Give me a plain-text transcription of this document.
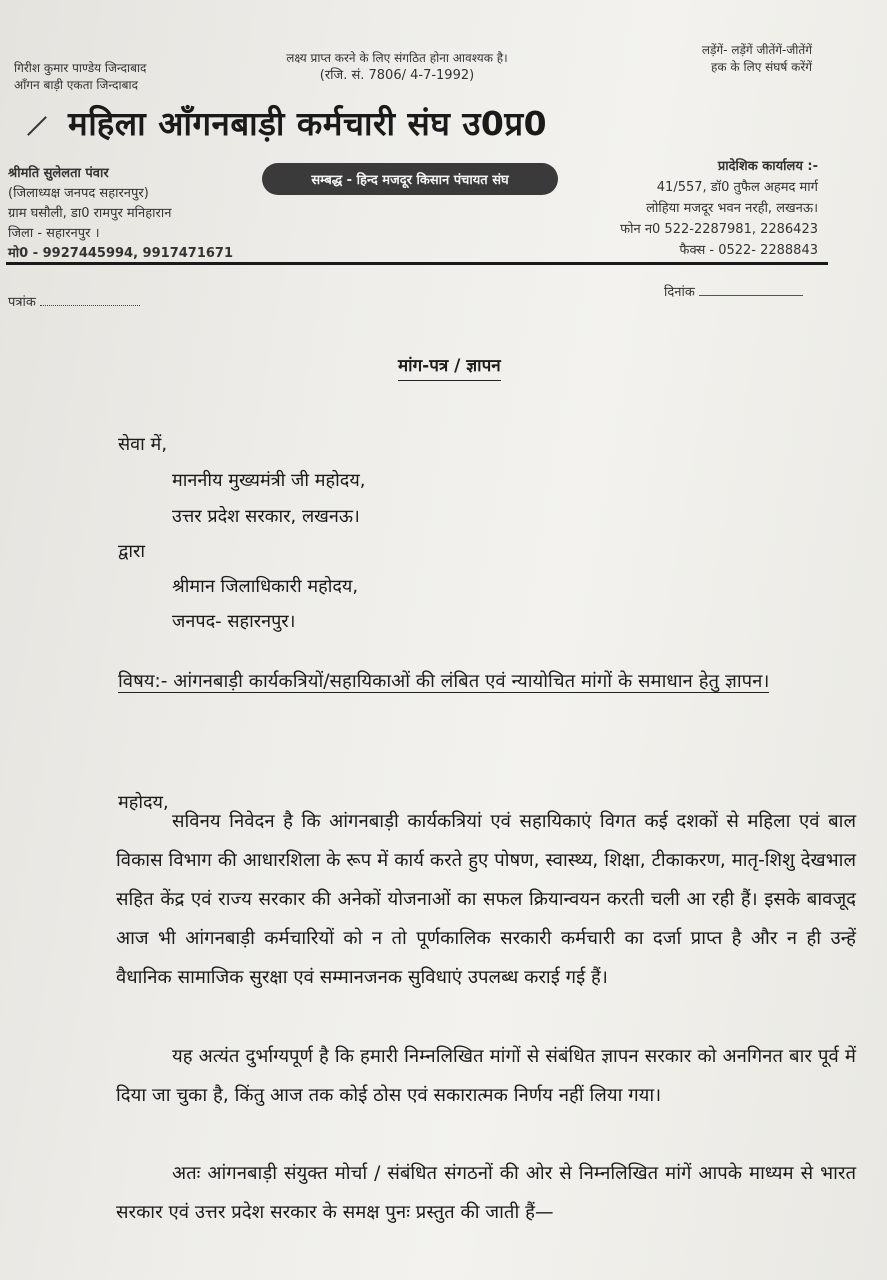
गिरीश कुमार पाण्डेय जिन्दाबाद
आँगन बाड़ी एकता जिन्दाबाद
लक्ष्य प्राप्त करने के लिए संगठित होना आवश्यक है।
(रजि. सं. 7806/ 4-7-1992)
लड़ेंगें- लड़ेंगें जीतेंगें-जीतेंगें
हक के लिए संघर्ष करेंगें
महिला आँगनबाड़ी कर्मचारी संघ उ0प्र0
श्रीमति सुलेलता पंवार
(जिलाध्यक्ष जनपद सहारनपुर)
ग्राम घसौली, डा0 रामपुर मनिहारान
जिला - सहारनपुर ।
मो0 - 9927445994, 9917471671
सम्बद्ध - हिन्द मजदूर किसान पंचायत संघ
प्रादेशिक कार्यालय :-
41/557, डॉ0 तुफैल अहमद मार्ग
लोहिया मजदूर भवन नरही, लखनऊ।
फोन न0 522-2287981, 2286423
फैक्स - 0522- 2288843
पत्रांक
दिनांक
मांग-पत्र / ज्ञापन
सेवा में,
माननीय मुख्यमंत्री जी महोदय,
उत्तर प्रदेश सरकार, लखनऊ।
द्वारा
श्रीमान जिलाधिकारी महोदय,
जनपद- सहारनपुर।
विषय:- आंगनबाड़ी कार्यकत्रियों/सहायिकाओं की लंबित एवं न्यायोचित मांगों के समाधान हेतु ज्ञापन।
महोदय,
सविनय निवेदन है कि आंगनबाड़ी कार्यकत्रियां एवं सहायिकाएं विगत कई दशकों से महिला एवं बाल विकास विभाग की आधारशिला के रूप में कार्य करते हुए पोषण, स्वास्थ्य, शिक्षा, टीकाकरण, मातृ-शिशु देखभाल सहित केंद्र एवं राज्य सरकार की अनेकों योजनाओं का सफल क्रियान्वयन करती चली आ रही हैं। इसके बावजूद आज भी आंगनबाड़ी कर्मचारियों को न तो पूर्णकालिक सरकारी कर्मचारी का दर्जा प्राप्त है और न ही उन्हें वैधानिक सामाजिक सुरक्षा एवं सम्मानजनक सुविधाएं उपलब्ध कराई गई हैं।
यह अत्यंत दुर्भाग्यपूर्ण है कि हमारी निम्नलिखित मांगों से संबंधित ज्ञापन सरकार को अनगिनत बार पूर्व में दिया जा चुका है, किंतु आज तक कोई ठोस एवं सकारात्मक निर्णय नहीं लिया गया।
अतः आंगनबाड़ी संयुक्त मोर्चा / संबंधित संगठनों की ओर से निम्नलिखित मांगें आपके माध्यम से भारत सरकार एवं उत्तर प्रदेश सरकार के समक्ष पुनः प्रस्तुत की जाती हैं—
